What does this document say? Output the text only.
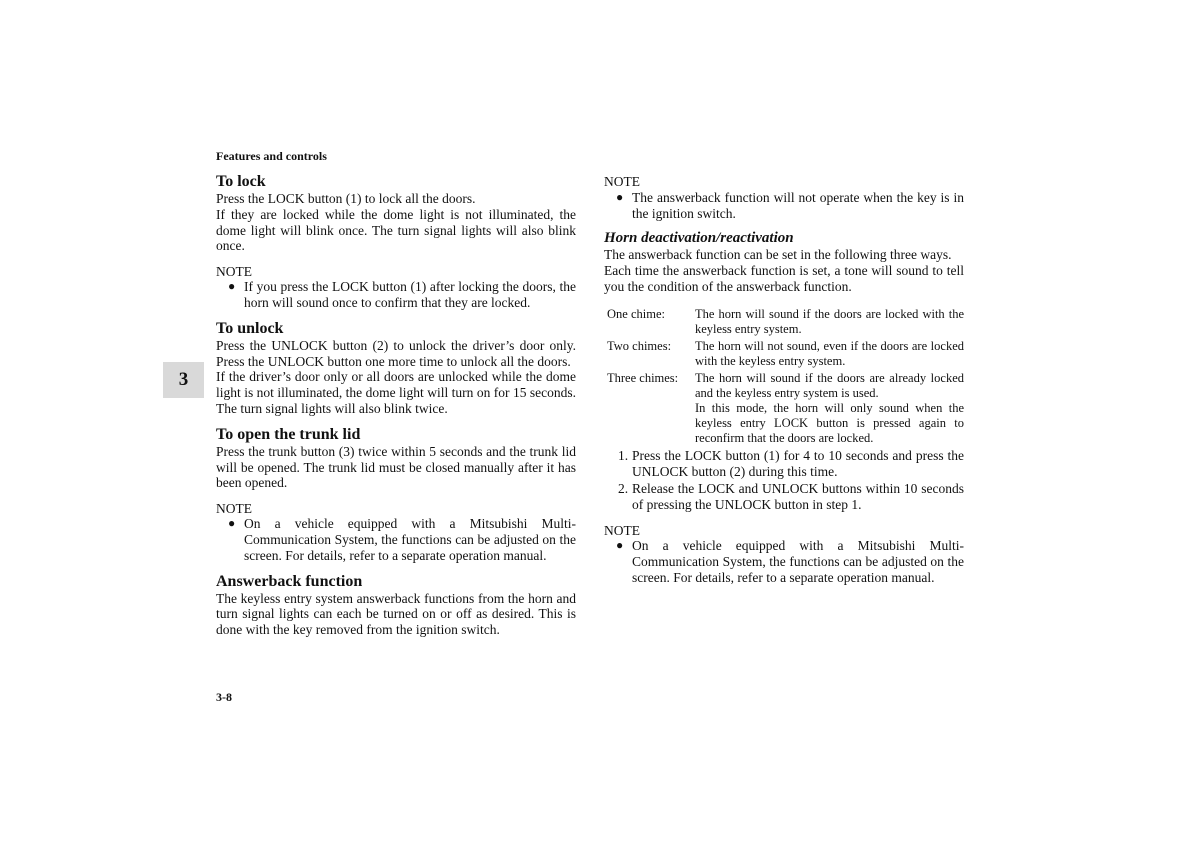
Features and controls
3
To lock

Press the LOCK button (1) to lock all the doors.

If they are locked while the dome light is not illuminated, the dome light will blink once. The turn signal lights will also blink once.

NOTE
● If you press the LOCK button (1) after locking the doors, the horn will sound once to confirm that they are locked.
To unlock

Press the UNLOCK button (2) to unlock the driver’s door only. Press the UNLOCK button one more time to unlock all the doors.

If the driver’s door only or all doors are unlocked while the dome light is not illuminated, the dome light will turn on for 15 seconds. The turn signal lights will also blink twice.

To open the trunk lid

Press the trunk button (3) twice within 5 seconds and the trunk lid will be opened. The trunk lid must be closed manually after it has been opened.

NOTE
● On a vehicle equipped with a Mitsubishi Multi-Communication System, the functions can be adjusted on the screen. For details, refer to a separate operation manual.
Answerback function

The keyless entry system answerback functions from the horn and turn signal lights can each be turned on or off as desired. This is done with the key removed from the ignition switch.

NOTE
● The answerback function will not operate when the key is in the ignition switch.
Horn deactivation/reactivation

The answerback function can be set in the following three ways.

Each time the answerback function is set, a tone will sound to tell you the condition of the answerback function.

One chime:	The horn will sound if the doors are locked with the keyless entry system.
Two chimes:	The horn will not sound, even if the doors are locked with the keyless entry system.
Three chimes:	The horn will sound if the doors are already locked and the keyless entry system is used.
In this mode, the horn will only sound when the keyless entry LOCK button is pressed again to reconfirm that the doors are locked.
1. Press the LOCK button (1) for 4 to 10 seconds and press the UNLOCK button (2) during this time.
2. Release the LOCK and UNLOCK buttons within 10 seconds of pressing the UNLOCK button in step 1.
NOTE
● On a vehicle equipped with a Mitsubishi Multi-Communication System, the functions can be adjusted on the screen. For details, refer to a separate operation manual.
3-8
